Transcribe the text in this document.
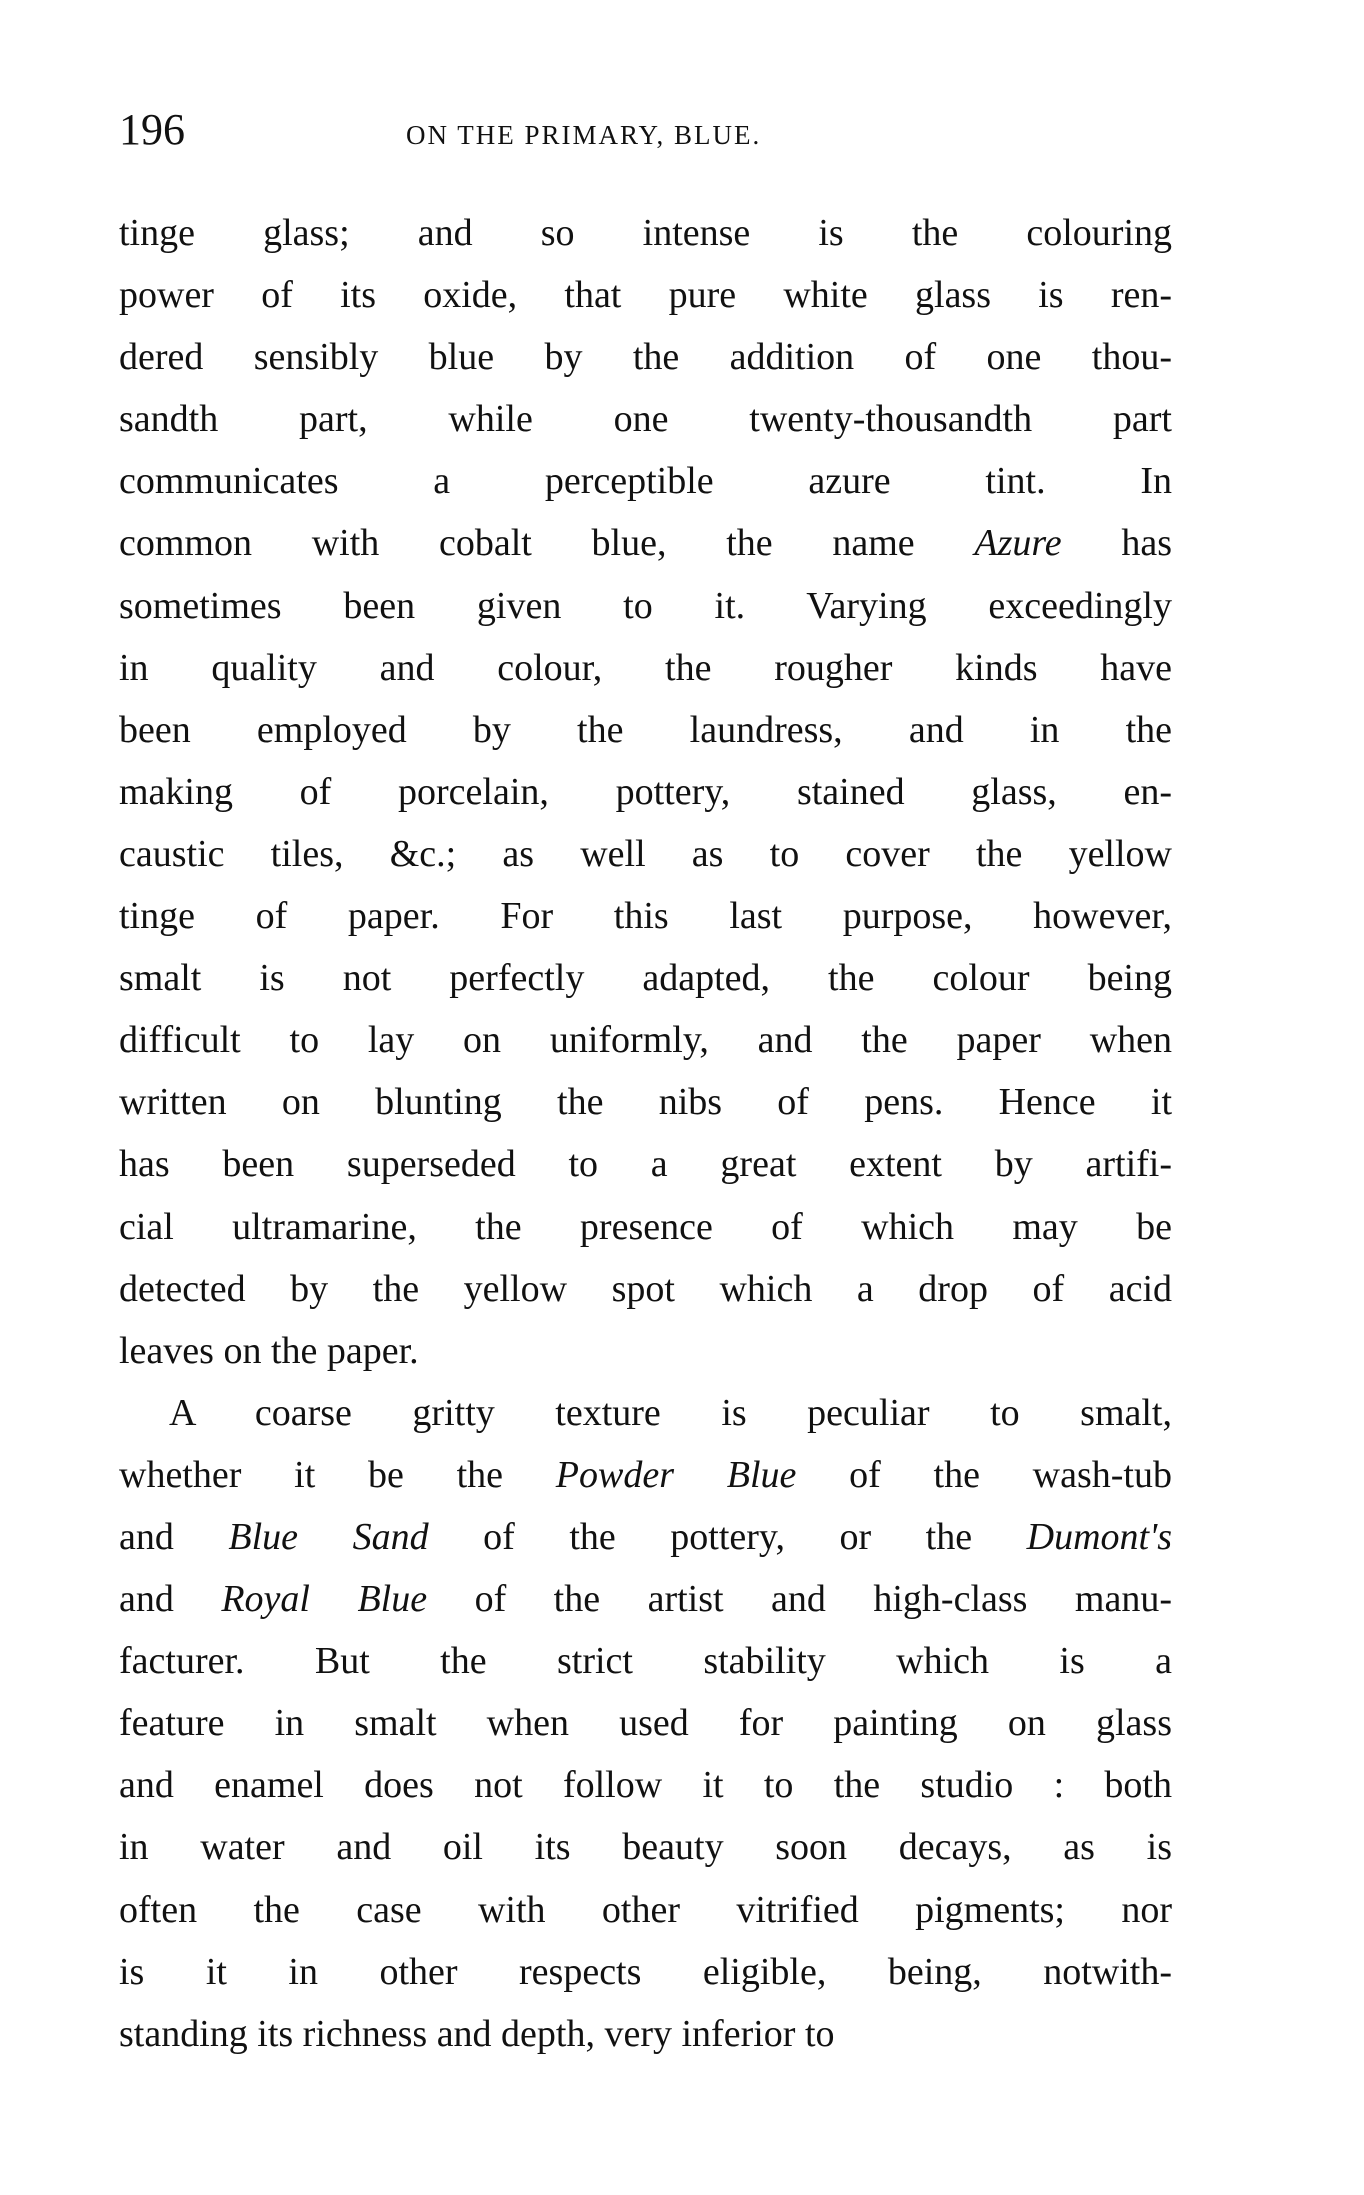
196	ON THE PRIMARY, BLUE.
tinge glass; and so intense is the colouring
power of its oxide, that pure white glass is ren-
dered sensibly blue by the addition of one thou-
sandth part, while one twenty-thousandth part
communicates a perceptible azure tint. In
common with cobalt blue, the name Azure has
sometimes been given to it. Varying exceedingly
in quality and colour, the rougher kinds have
been employed by the laundress, and in the
making of porcelain, pottery, stained glass, en-
caustic tiles, &c.; as well as to cover the yellow
tinge of paper. For this last purpose, however,
smalt is not perfectly adapted, the colour being
difficult to lay on uniformly, and the paper when
written on blunting the nibs of pens. Hence it
has been superseded to a great extent by artifi-
cial ultramarine, the presence of which may be
detected by the yellow spot which a drop of acid
leaves on the paper.
A coarse gritty texture is peculiar to smalt,
whether it be the Powder Blue of the wash-tub
and Blue Sand of the pottery, or the Dumont's
and Royal Blue of the artist and high-class manu-
facturer. But the strict stability which is a
feature in smalt when used for painting on glass
and enamel does not follow it to the studio : both
in water and oil its beauty soon decays, as is
often the case with other vitrified pigments; nor
is it in other respects eligible, being, notwith-
standing its richness and depth, very inferior to
